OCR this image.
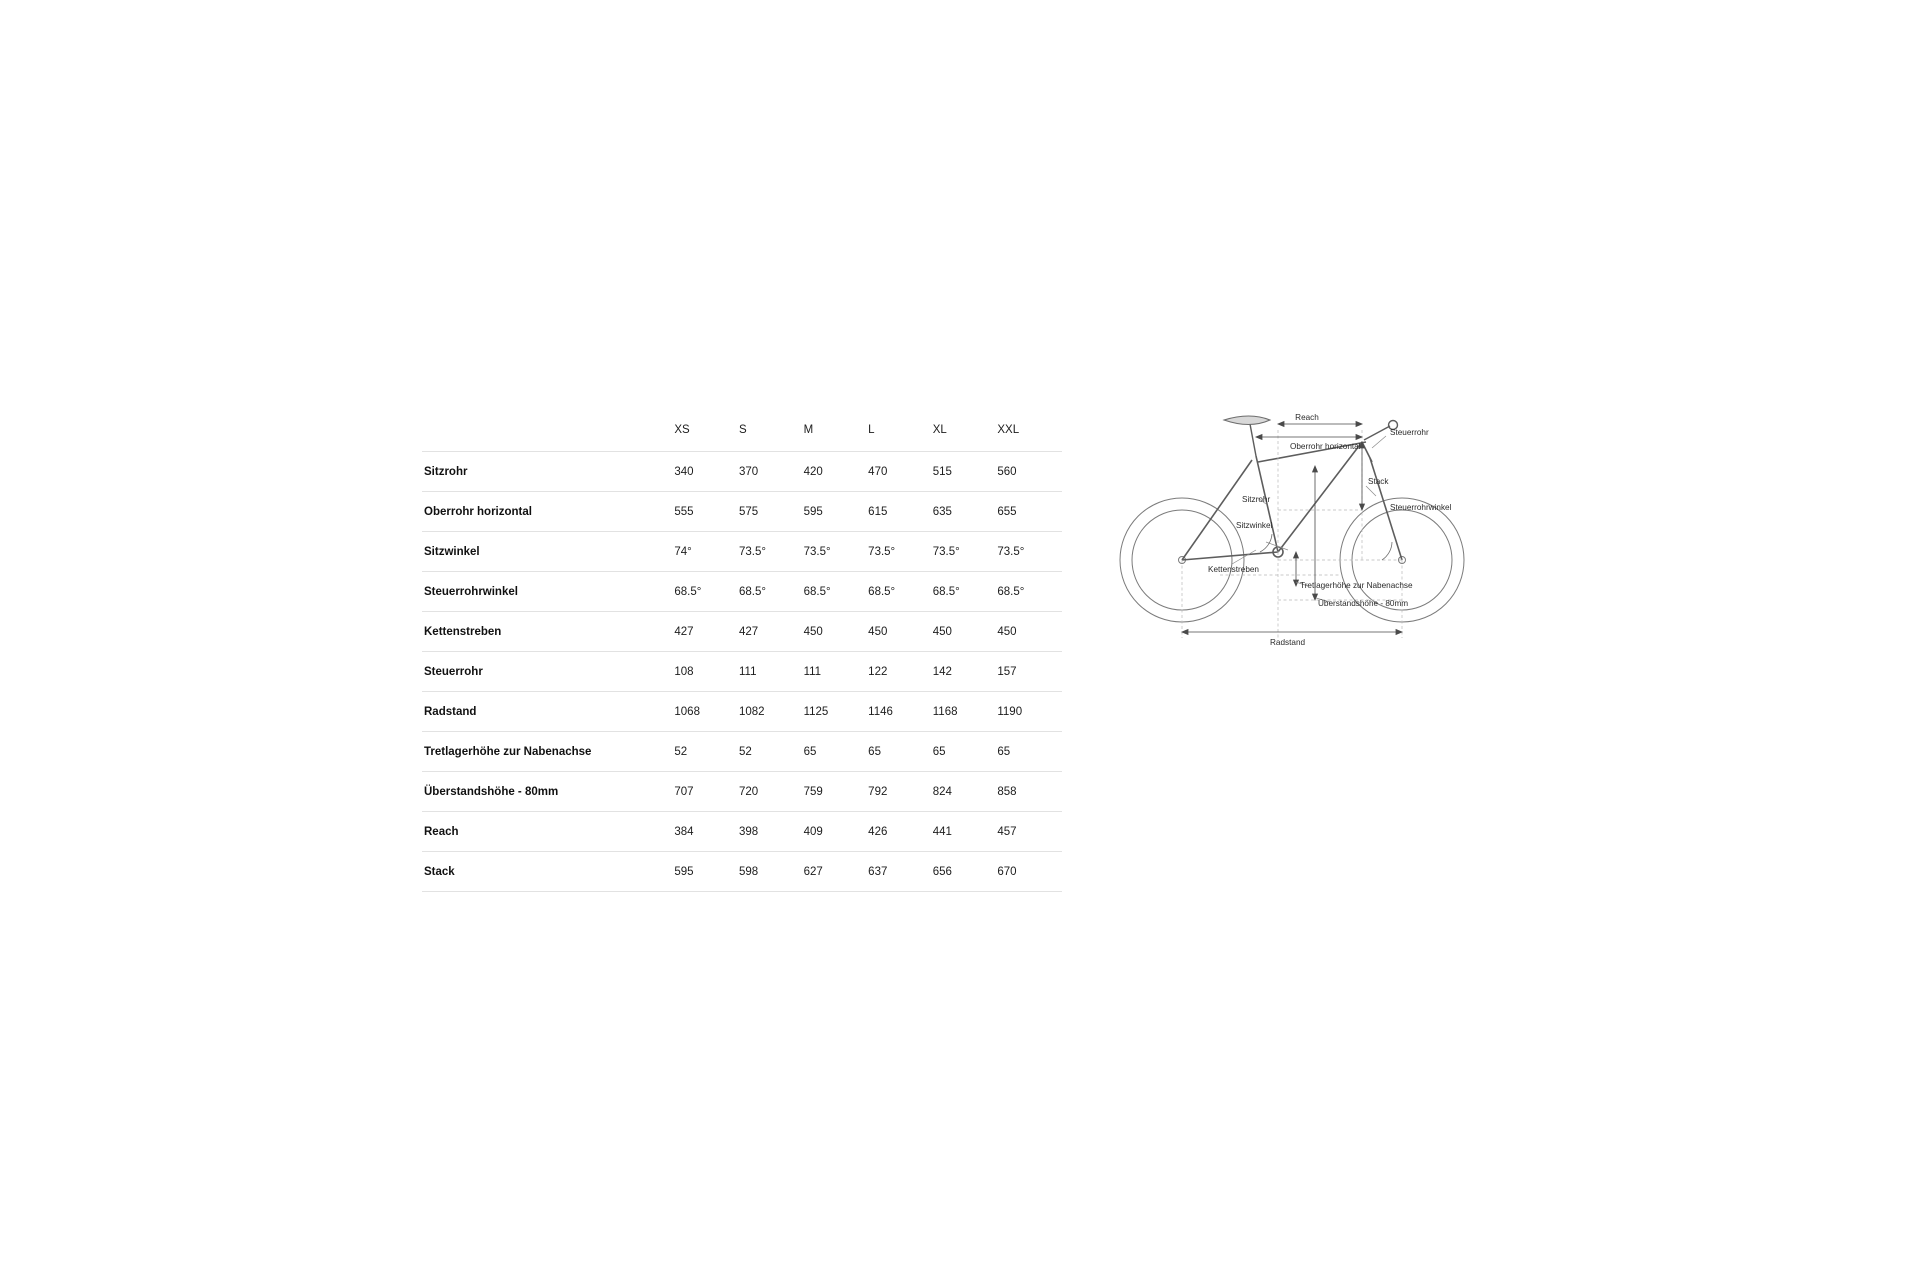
	XS	S	M	L	XL	XXL
Sitzrohr	340	370	420	470	515	560
Oberrohr horizontal	555	575	595	615	635	655
Sitzwinkel	74°	73.5°	73.5°	73.5°	73.5°	73.5°
Steuerrohrwinkel	68.5°	68.5°	68.5°	68.5°	68.5°	68.5°
Kettenstreben	427	427	450	450	450	450
Steuerrohr	108	111	111	122	142	157
Radstand	1068	1082	1125	1146	1168	1190
Tretlagerhöhe zur Nabenachse	52	52	65	65	65	65
Überstandshöhe - 80mm	707	720	759	792	824	858
Reach	384	398	409	426	441	457
Stack	595	598	627	637	656	670
Reach
Oberrohr horizontal
Steuerrohr
Stack
Sitzrohr
Steuerrohrwinkel
Sitzwinkel
Kettenstreben
Tretlagerhöhe zur Nabenachse
Überstandshöhe - 80mm
Radstand
